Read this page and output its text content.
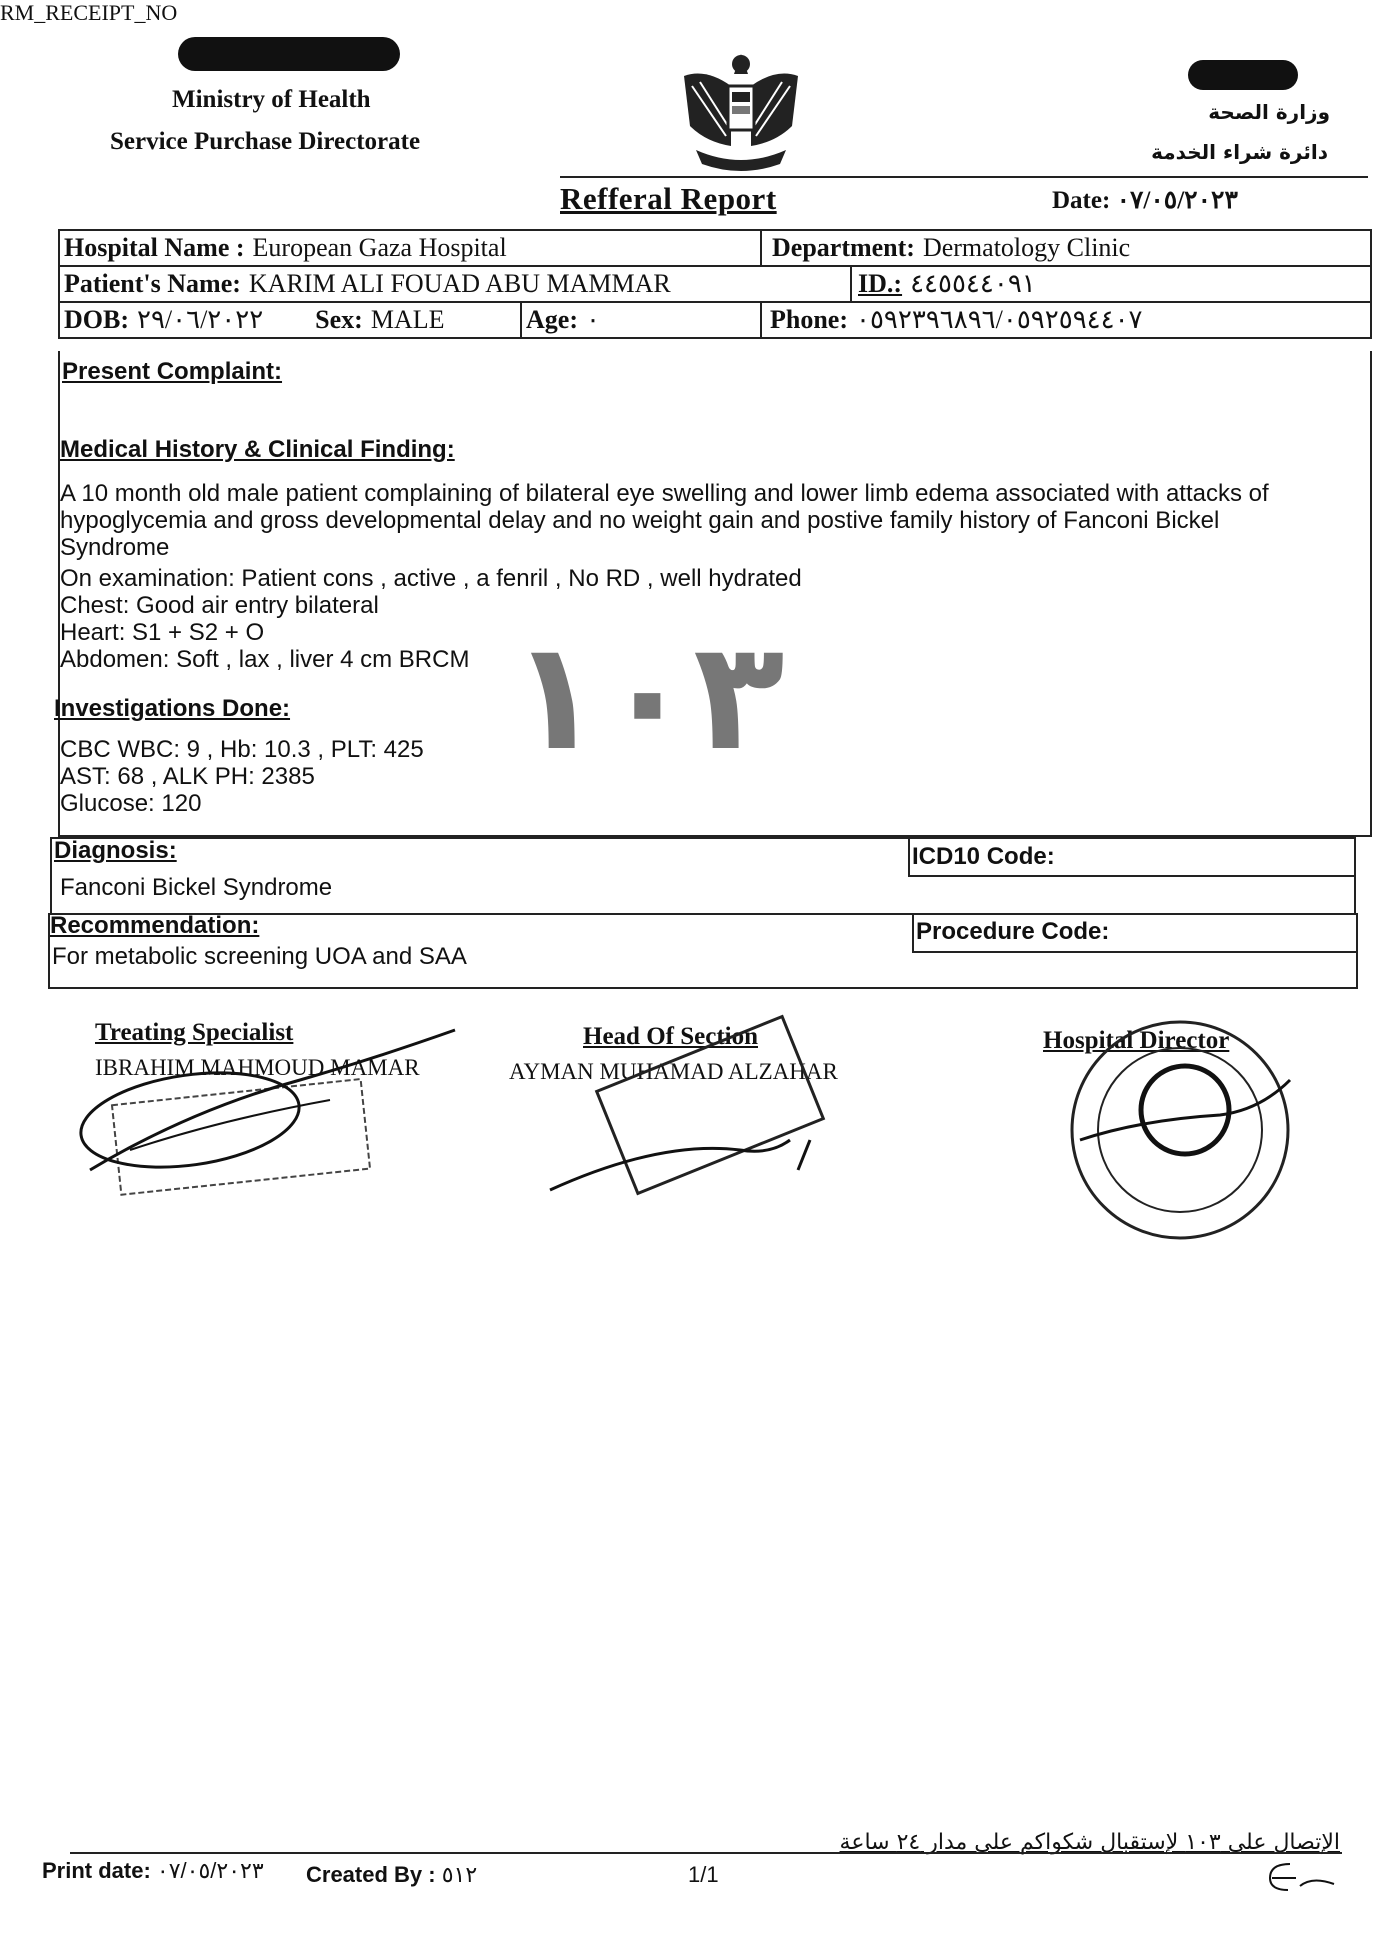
Ministry of Health
Service Purchase Directorate
وزارة الصحة
دائرة شراء الخدمة
Refferal Report	Date: ٠٧/٠٥/٢٠٢٣
Hospital Name : European Gaza Hospital	Department: Dermatology Clinic
Patient's Name: KARIM ALI FOUAD ABU MAMMAR	ID.: ٤٤٥٥٤٤٠٩١
DOB: ٢٩/٠٦/٢٠٢٢ Sex: MALE	Age: ٠	Phone: ٠٥٩٢٣٩٦٨٩٦/٠٥٩٢٥٩٤٤٠٧
Present Complaint:
Medical History & Clinical Finding:
A 10 month old male patient complaining of bilateral eye swelling and lower limb edema associated with attacks of
hypoglycemia and gross developmental delay and no weight gain and postive family history of Fanconi Bickel
Syndrome
On examination: Patient cons , active , a fenril , No RD , well hydrated
Chest: Good air entry bilateral
Heart: S1 + S2 + O
Abdomen: Soft , lax , liver 4 cm BRCM
Investigations Done:
CBC WBC: 9 , Hb: 10.3 , PLT: 425
AST: 68 , ALK PH: 2385
Glucose: 120
١٠٣
Diagnosis:
Fanconi Bickel Syndrome
ICD10 Code:
Recommendation:
For metabolic screening UOA and SAA
Procedure Code:
Treating Specialist
IBRAHIM MAHMOUD MAMAR
Head Of Section
AYMAN MUHAMAD ALZAHAR
Hospital Director
الإتصال على ١٠٣ لإستقبال شكواكم على مدار ٢٤ ساعة
Print date: ٠٧/٠٥/٢٠٢٣ Created By : ٥١٢	1/1
RM_RECEIPT_NO
